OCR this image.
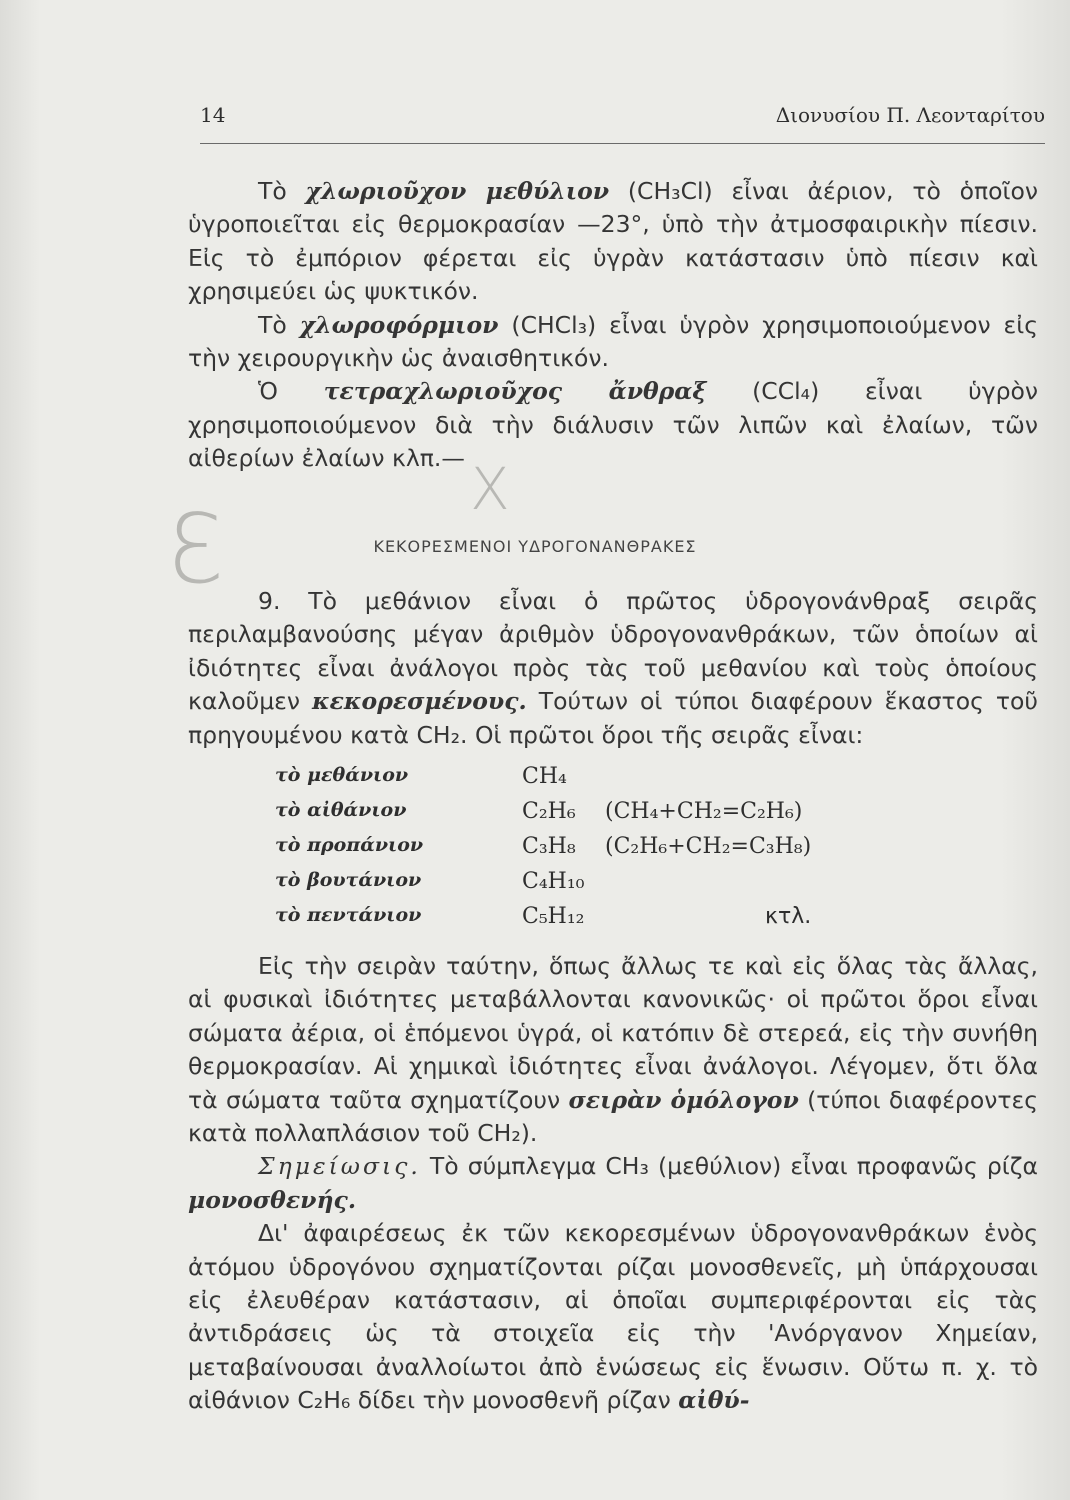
14	Διονυσίου Π. Λεονταρίτου

Τὸ χλωριοῦχον μεθύλιον (CH₃Cl) εἶναι ἀέριον, τὸ ὁποῖον ὑγροποιεῖται εἰς θερμοκρασίαν —23°, ὑπὸ τὴν ἀτμοσφαιρικὴν πίεσιν. Εἰς τὸ ἐμπόριον φέρεται εἰς ὑγρὰν κατάστασιν ὑπὸ πίεσιν καὶ χρησιμεύει ὡς ψυκτικόν.

Τὸ χλωροφόρμιον (CHCl₃) εἶναι ὑγρὸν χρησιμοποιούμενον εἰς τὴν χειρουργικὴν ὡς ἀναισθητικόν.

Ὁ τετραχλωριοῦχος ἄνθραξ (CCl₄) εἶναι ὑγρὸν χρησιμοποιούμενον διὰ τὴν διάλυσιν τῶν λιπῶν καὶ ἐλαίων, τῶν αἰθερίων ἐλαίων κλπ.— X
Ɛ	ΚΕΚΟΡΕΣΜΕΝΟΙ ΥΔΡΟΓΟΝΑΝΘΡΑΚΕΣ

9. Τὸ μεθάνιον εἶναι ὁ πρῶτος ὑδρογονάνθραξ σειρᾶς περιλαμβανούσης μέγαν ἀριθμὸν ὑδρογονανθράκων, τῶν ὁποίων αἱ ἰδιότητες εἶναι ἀνάλογοι πρὸς τὰς τοῦ μεθανίου καὶ τοὺς ὁποίους καλοῦμεν κεκορεσμένους. Τούτων οἱ τύποι διαφέρουν ἕκαστος τοῦ πρηγουμένου κατὰ CH₂. Οἱ πρῶτοι ὅροι τῆς σειρᾶς εἶναι:

τὸ μεθάνιον	CH₄
τὸ αἰθάνιον	C₂H₆ (CH₄+CH₂=C₂H₆)
τὸ προπάνιον	C₃H₈ (C₂H₆+CH₂=C₃H₈)
τὸ βουτάνιον	C₄H₁₀
τὸ πεντάνιον	C₅H₁₂	κτλ.

Εἰς τὴν σειρὰν ταύτην, ὅπως ἄλλως τε καὶ εἰς ὅλας τὰς ἄλλας, αἱ φυσικαὶ ἰδιότητες μεταβάλλονται κανονικῶς· οἱ πρῶτοι ὅροι εἶναι σώματα ἀέρια, οἱ ἑπόμενοι ὑγρά, οἱ κατόπιν δὲ στερεά, εἰς τὴν συνήθη θερμοκρασίαν. Αἱ χημικαὶ ἰδιότητες εἶναι ἀνάλογοι. Λέγομεν, ὅτι ὅλα τὰ σώματα ταῦτα σχηματίζουν σειρὰν ὁμόλογον (τύποι διαφέροντες κατὰ πολλαπλάσιον τοῦ CH₂).

Σημείωσις. Τὸ σύμπλεγμα CH₃ (μεθύλιον) εἶναι προφανῶς ρίζα μονοσθενής.

Δι' ἀφαιρέσεως ἐκ τῶν κεκορεσμένων ὑδρογονανθράκων ἑνὸς ἀτόμου ὑδρογόνου σχηματίζονται ρίζαι μονοσθενεῖς, μὴ ὑπάρχουσαι εἰς ἐλευθέραν κατάστασιν, αἱ ὁποῖαι συμπεριφέρονται εἰς τὰς ἀντιδράσεις ὡς τὰ στοιχεῖα εἰς τὴν 'Ανόργανον Χημείαν, μεταβαίνουσαι ἀναλλοίωτοι ἀπὸ ἑνώσεως εἰς ἕνωσιν. Οὕτω π. χ. τὸ αἰθάνιον C₂H₆ δίδει τὴν μονοσθενῆ ρίζαν αἰθύ-
